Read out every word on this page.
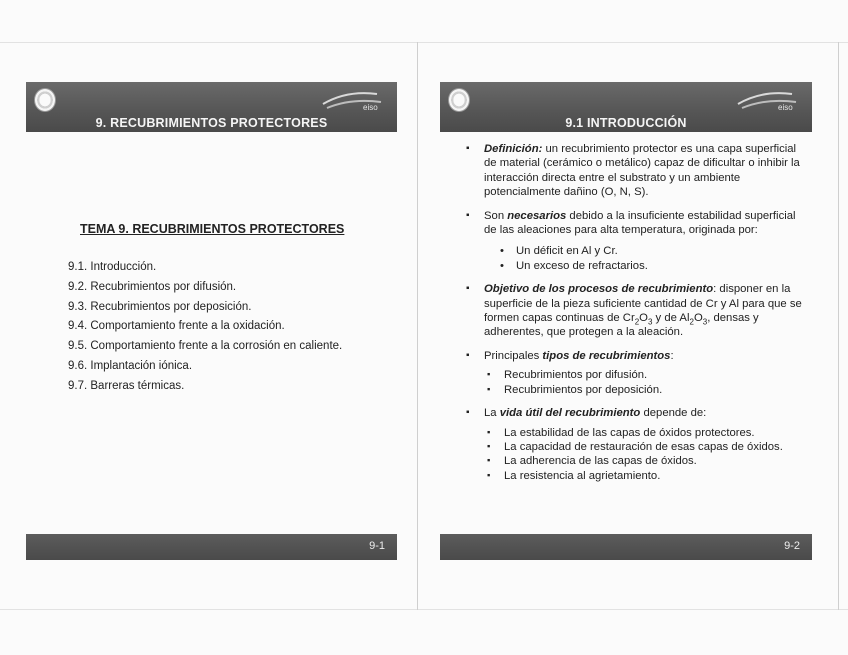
eiso
9. RECUBRIMIENTOS PROTECTORES
TEMA 9. RECUBRIMIENTOS PROTECTORES
9.1. Introducción.
9.2. Recubrimientos por difusión.
9.3. Recubrimientos por deposición.
9.4. Comportamiento frente a la oxidación.
9.5. Comportamiento frente a la corrosión en caliente.
9.6. Implantación iónica.
9.7. Barreras térmicas.
9-1
eiso
9.1 INTRODUCCIÓN
▪ Definición: un recubrimiento protector es una capa superficial de material (cerámico o metálico) capaz de dificultar o inhibir la interacción directa entre el substrato y un ambiente potencialmente dañino (O, N, S).
▪ Son necesarios debido a la insuficiente estabilidad superficial de las aleaciones para alta temperatura, originada por:
• Un déficit en Al y Cr.
• Un exceso de refractarios.
▪ Objetivo de los procesos de recubrimiento: disponer en la superficie de la pieza suficiente cantidad de Cr y Al para que se formen capas continuas de $Cr_2O_3$ y de $Al_2O_3$, densas y adherentes, que protegen a la aleación.
▪ Principales tipos de recubrimientos:
▪ Recubrimientos por difusión.
▪ Recubrimientos por deposición.
▪ La vida útil del recubrimiento depende de:
▪ La estabilidad de las capas de óxidos protectores.
▪ La capacidad de restauración de esas capas de óxidos.
▪ La adherencia de las capas de óxidos.
▪ La resistencia al agrietamiento.
9-2
